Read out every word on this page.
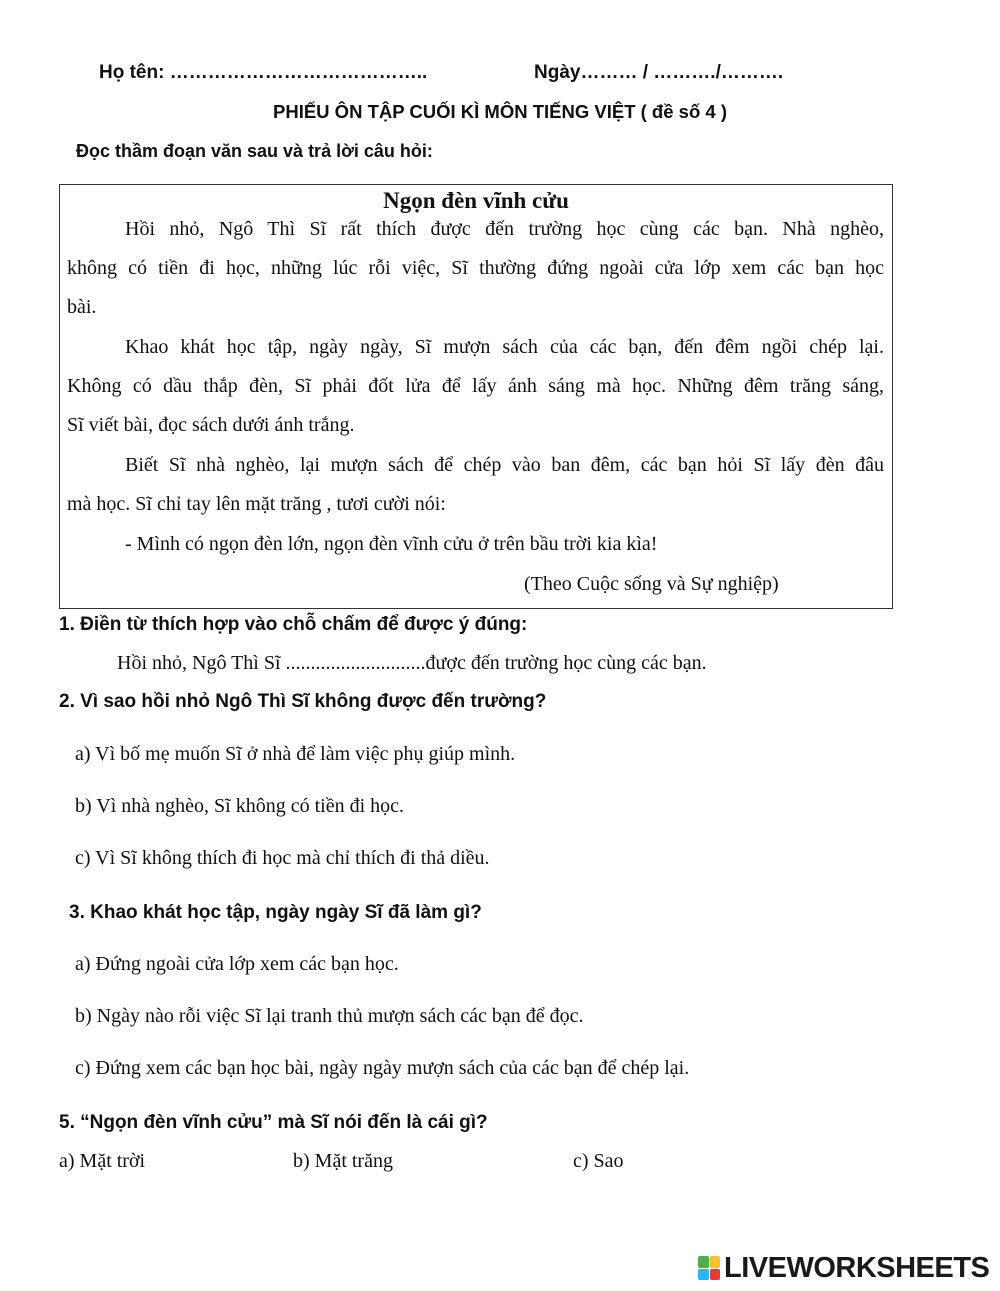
Họ tên: …………………………………..	Ngày……… / ………./……….
PHIẾU ÔN TẬP CUỐI KÌ MÔN TIẾNG VIỆT ( đề số 4 )
Đọc thầm đoạn văn sau và trả lời câu hỏi:
Ngọn đèn vĩnh cửu
Hồi nhỏ, Ngô Thì Sĩ rất thích được đến trường học cùng các bạn. Nhà nghèo,
không có tiền đi học, những lúc rỗi việc, Sĩ thường đứng ngoài cửa lớp xem các bạn học
bài.
Khao khát học tập, ngày ngày, Sĩ mượn sách của các bạn, đến đêm ngồi chép lại.
Không có dầu thắp đèn, Sĩ phải đốt lửa để lấy ánh sáng mà học. Những đêm trăng sáng,
Sĩ viết bài, đọc sách dưới ánh trắng.
Biết Sĩ nhà nghèo, lại mượn sách để chép vào ban đêm, các bạn hỏi Sĩ lấy đèn đâu
mà học. Sĩ chỉ tay lên mặt trăng , tươi cười nói:
- Mình có ngọn đèn lớn, ngọn đèn vĩnh cửu ở trên bầu trời kia kìa!
(Theo Cuộc sống và Sự nghiệp)
1. Điền từ thích hợp vào chỗ chấm để được ý đúng:
Hồi nhỏ, Ngô Thì Sĩ ............................được đến trường học cùng các bạn.
2. Vì sao hồi nhỏ Ngô Thì Sĩ không được đến trường?
a) Vì bố mẹ muốn Sĩ ở nhà để làm việc phụ giúp mình.
b) Vì nhà nghèo, Sĩ không có tiền đi học.
c) Vì Sĩ không thích đi học mà chỉ thích đi thả diều.
3. Khao khát học tập, ngày ngày Sĩ đã làm gì?
a) Đứng ngoài cửa lớp xem các bạn học.
b) Ngày nào rỗi việc Sĩ lại tranh thủ mượn sách các bạn để đọc.
c) Đứng xem các bạn học bài, ngày ngày mượn sách của các bạn để chép lại.
5. “Ngọn đèn vĩnh cửu” mà Sĩ nói đến là cái gì?
a) Mặt trời	b) Mặt trăng	c) Sao
LIVEWORKSHEETS
